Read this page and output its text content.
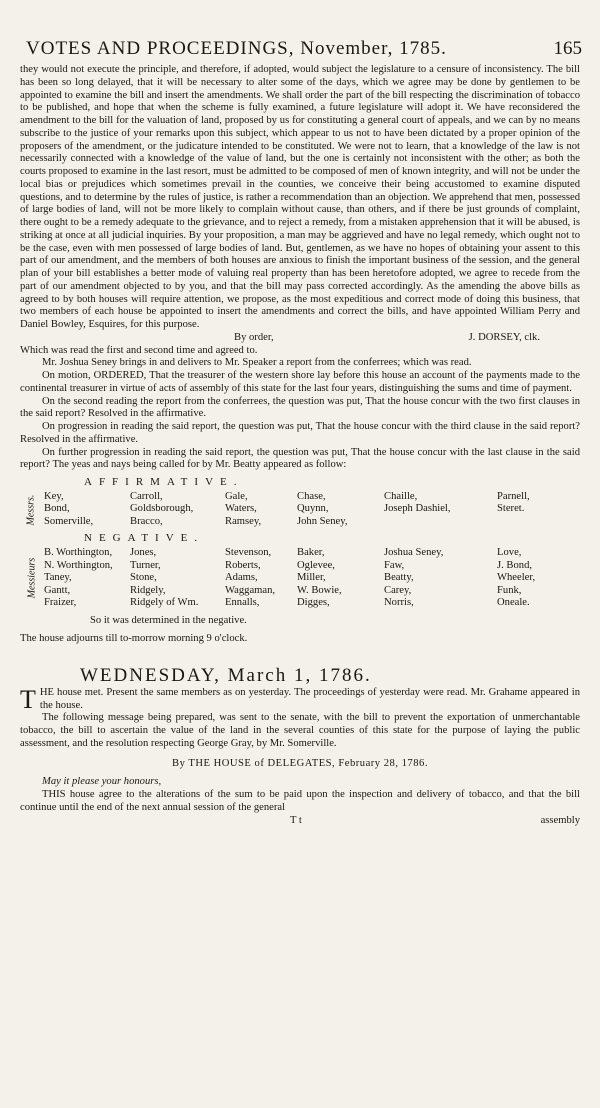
VOTES AND PROCEEDINGS, November, 1785.	165

they would not execute the principle, and therefore, if adopted, would subject the legislature to a censure of inconsistency. The bill has been so long delayed, that it will be necessary to alter some of the days, which we agree may be done by gentlemen to be appointed to examine the bill and insert the amendments. We shall order the part of the bill respecting the discrimination of tobacco to be published, and hope that when the scheme is fully examined, a future legislature will adopt it. We have reconsidered the amendment to the bill for the valuation of land, proposed by us for constituting a general court of appeals, and we can by no means subscribe to the justice of your remarks upon this subject, which appear to us not to have been dictated by a proper opinion of the proposers of the amendment, or the judicature intended to be constituted. We were not to learn, that a knowledge of the law is not necessarily connected with a knowledge of the value of land, but the one is certainly not inconsistent with the other; as both the courts proposed to examine in the last resort, must be admitted to be composed of men of known integrity, and will not be under the local bias or prejudices which sometimes prevail in the counties, we conceive their being accustomed to examine disputed questions, and to determine by the rules of justice, is rather a recommendation than an objection. We apprehend that men, possessed of large bodies of land, will not be more likely to complain without cause, than others, and if there be just grounds of complaint, there ought to be a remedy adequate to the grievance, and to reject a remedy, from a mistaken apprehension that it will be abused, is striking at once at all judicial inquiries. By your proposition, a man may be aggrieved and have no legal remedy, which ought not to be the case, even with men possessed of large bodies of land. But, gentlemen, as we have no hopes of obtaining your assent to this part of our amendment, and the members of both houses are anxious to finish the important business of the session, and the general plan of your bill establishes a better mode of valuing real property than has been heretofore adopted, we agree to recede from the part of our amendment objected to by you, and that the bill may pass corrected accordingly. As the amending the above bills as agreed to by both houses will require attention, we propose, as the most expeditious and correct mode of doing this business, that two members of each house be appointed to insert the amendments and correct the bills, and have appointed William Perry and Daniel Bowley, Esquires, for this purpose.

By order,	J. DORSEY, clk.

Which was read the first and second time and agreed to.

Mr. Joshua Seney brings in and delivers to Mr. Speaker a report from the conferrees; which was read.

On motion, ORDERED, That the treasurer of the western shore lay before this house an account of the payments made to the continental treasurer in virtue of acts of assembly of this state for the last four years, distinguishing the sums and time of payment.

On the second reading the report from the conferrees, the question was put, That the house concur with the two first clauses in the said report? Resolved in the affirmative.

On progression in reading the said report, the question was put, That the house concur with the third clause in the said report? Resolved in the affirmative.

On further progression in reading the said report, the question was put, That the house concur with the last clause in the said report? The yeas and nays being called for by Mr. Beatty appeared as follow:

AFFIRMATIVE.

Messrs. Key,	Carroll,	Gale,	Chase,	Chaille,	Parnell,
Bond,	Goldsborough,	Waters,	Quynn,	Joseph Dashiel,	Steret.
Somerville,	Bracco,	Ramsey,	John Seney,

NEGATIVE.

Messieurs
B. Worthington,	Jones,	Stevenson,	Baker,	Joshua Seney,	Love,
N. Worthington,	Turner,	Roberts,	Oglevee,	Faw,	J. Bond,
Taney,	Stone,	Adams,	Miller,	Beatty,	Wheeler,
Gantt,	Ridgely,	Waggaman,	W. Bowie,	Carey,	Funk,
Fraizer,	Ridgely of Wm.	Ennalls,	Digges,	Norris,	Oneale.

So it was determined in the negative.

The house adjourns till to-morrow morning 9 o'clock.

WEDNESDAY, March 1, 1786.

THE house met. Present the same members as on yesterday. The proceedings of yesterday were read. Mr. Grahame appeared in the house.

The following message being prepared, was sent to the senate, with the bill to prevent the exportation of unmerchantable tobacco, the bill to ascertain the value of the land in the several counties of this state for the purpose of laying the public assessment, and the resolution respecting George Gray, by Mr. Somerville.

By THE HOUSE of DELEGATES, February 28, 1786.

May it please your honours,

THIS house agree to the alterations of the sum to be paid upon the inspection and delivery of tobacco, and that the bill continue until the end of the next annual session of the general

T t	assembly
